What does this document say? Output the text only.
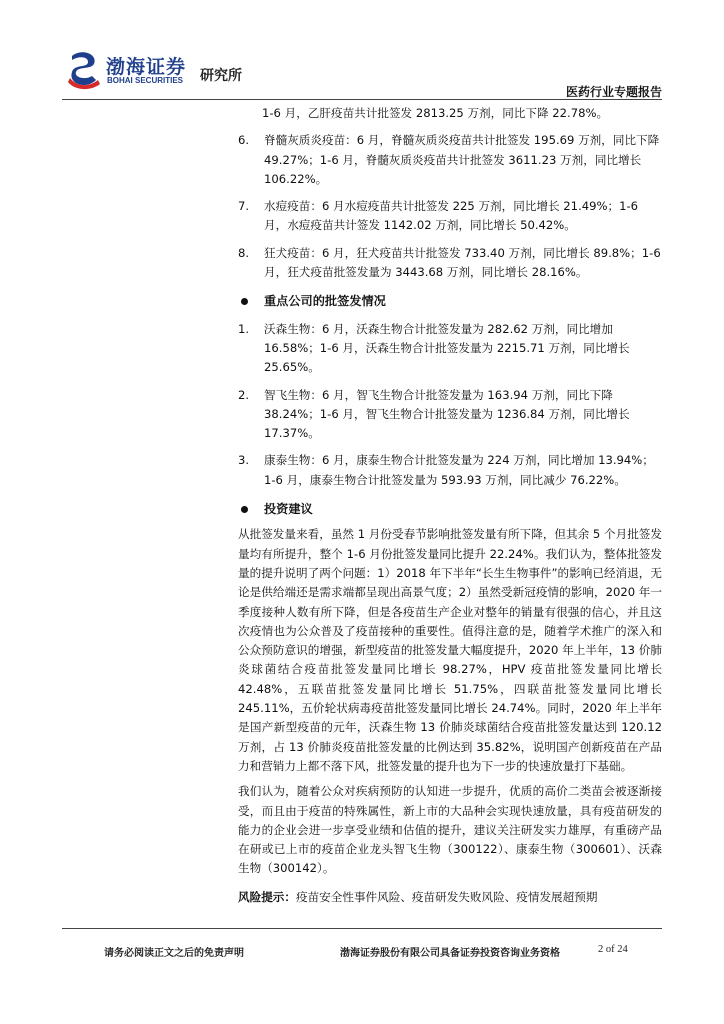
渤海证券
BOHAI SECURITIES 研究所
医药行业专题报告

1-6 月，乙肝疫苗共计批签发 2813.25 万剂，同比下降 22.78%。

6. 脊髓灰质炎疫苗：6 月，脊髓灰质炎疫苗共计批签发 195.69 万剂，同比下降 49.27%；1-6 月，脊髓灰质炎疫苗共计批签发 3611.23 万剂，同比增长 106.22%。
7. 水痘疫苗：6 月水痘疫苗共计批签发 225 万剂，同比增长 21.49%；1-6 月，水痘疫苗共计签发 1142.02 万剂，同比增长 50.42%。
8. 狂犬疫苗：6 月，狂犬疫苗共计批签发 733.40 万剂，同比增长 89.8%；1-6 月，狂犬疫苗批签发量为 3443.68 万剂，同比增长 28.16%。
重点公司的批签发情况
1. 沃森生物：6 月，沃森生物合计批签发量为 282.62 万剂，同比增加 16.58%；1-6 月，沃森生物合计批签发量为 2215.71 万剂，同比增长 25.65%。
2. 智飞生物：6 月，智飞生物合计批签发量为 163.94 万剂，同比下降 38.24%；1-6 月，智飞生物合计批签发量为 1236.84 万剂，同比增长 17.37%。
3. 康泰生物：6 月，康泰生物合计批签发量为 224 万剂，同比增加 13.94%；1-6 月，康泰生物合计批签发量为 593.93 万剂，同比减少 76.22%。
投资建议

从批签发量来看，虽然 1 月份受春节影响批签发量有所下降，但其余 5 个月批签发量均有所提升，整个 1-6 月份批签发量同比提升 22.24%。我们认为，整体批签发量的提升说明了两个问题：1）2018 年下半年“长生生物事件”的影响已经消退，无论是供给端还是需求端都呈现出高景气度；2）虽然受新冠疫情的影响，2020 年一季度接种人数有所下降，但是各疫苗生产企业对整年的销量有很强的信心，并且这次疫情也为公众普及了疫苗接种的重要性。值得注意的是，随着学术推广的深入和公众预防意识的增强，新型疫苗的批签发量大幅度提升，2020 年上半年，13 价肺炎球菌结合疫苗批签发量同比增长 98.27%，HPV 疫苗批签发量同比增长 42.48%，五联苗批签发量同比增长 51.75%，四联苗批签发量同比增长 245.11%，五价轮状病毒疫苗批签发量同比增长 24.74%。同时，2020 年上半年是国产新型疫苗的元年，沃森生物 13 价肺炎球菌结合疫苗批签发量达到 120.12 万剂，占 13 价肺炎疫苗批签发量的比例达到 35.82%，说明国产创新疫苗在产品力和营销力上都不落下风，批签发量的提升也为下一步的快速放量打下基础。

我们认为，随着公众对疾病预防的认知进一步提升，优质的高价二类苗会被逐渐接受，而且由于疫苗的特殊属性，新上市的大品种会实现快速放量，具有疫苗研发的能力的企业会进一步享受业绩和估值的提升，建议关注研发实力雄厚，有重磅产品在研或已上市的疫苗企业龙头智飞生物（300122）、康泰生物（300601）、沃森生物（300142）。

风险提示：疫苗安全性事件风险、疫苗研发失败风险、疫情发展超预期
请务必阅读正文之后的免责声明	渤海证券股份有限公司具备证券投资咨询业务资格	2 of 24
